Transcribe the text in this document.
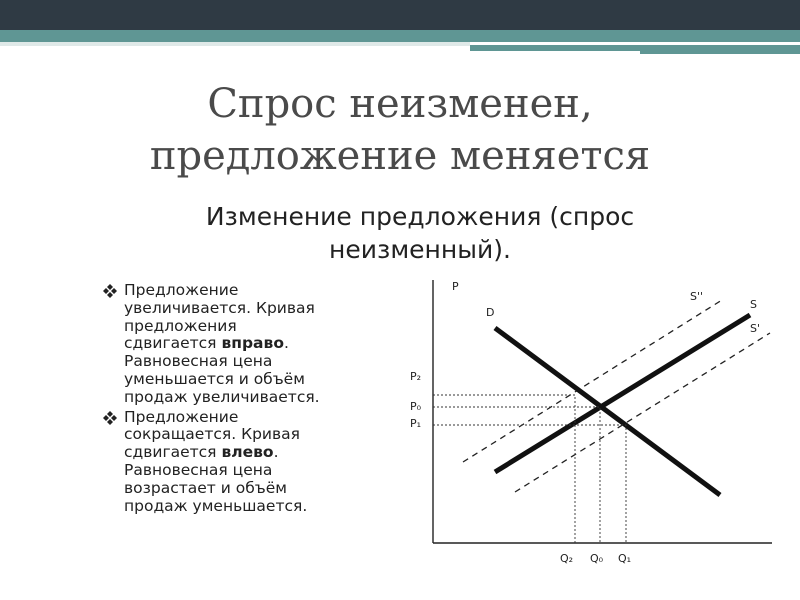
Спрос неизменен,
предложение меняется
Изменение предложения (спрос
неизменный).
Предложение
увеличивается. Кривая
предложения
сдвигается вправо.
Равновесная цена
уменьшается и объём
продаж увеличивается.
Предложение
сокращается. Кривая
сдвигается влево.
Равновесная цена
возрастает и объём
продаж уменьшается.
P
D
S''
S
S'
P₂
P₀
P₁
Q₂ Q₀ Q₁
